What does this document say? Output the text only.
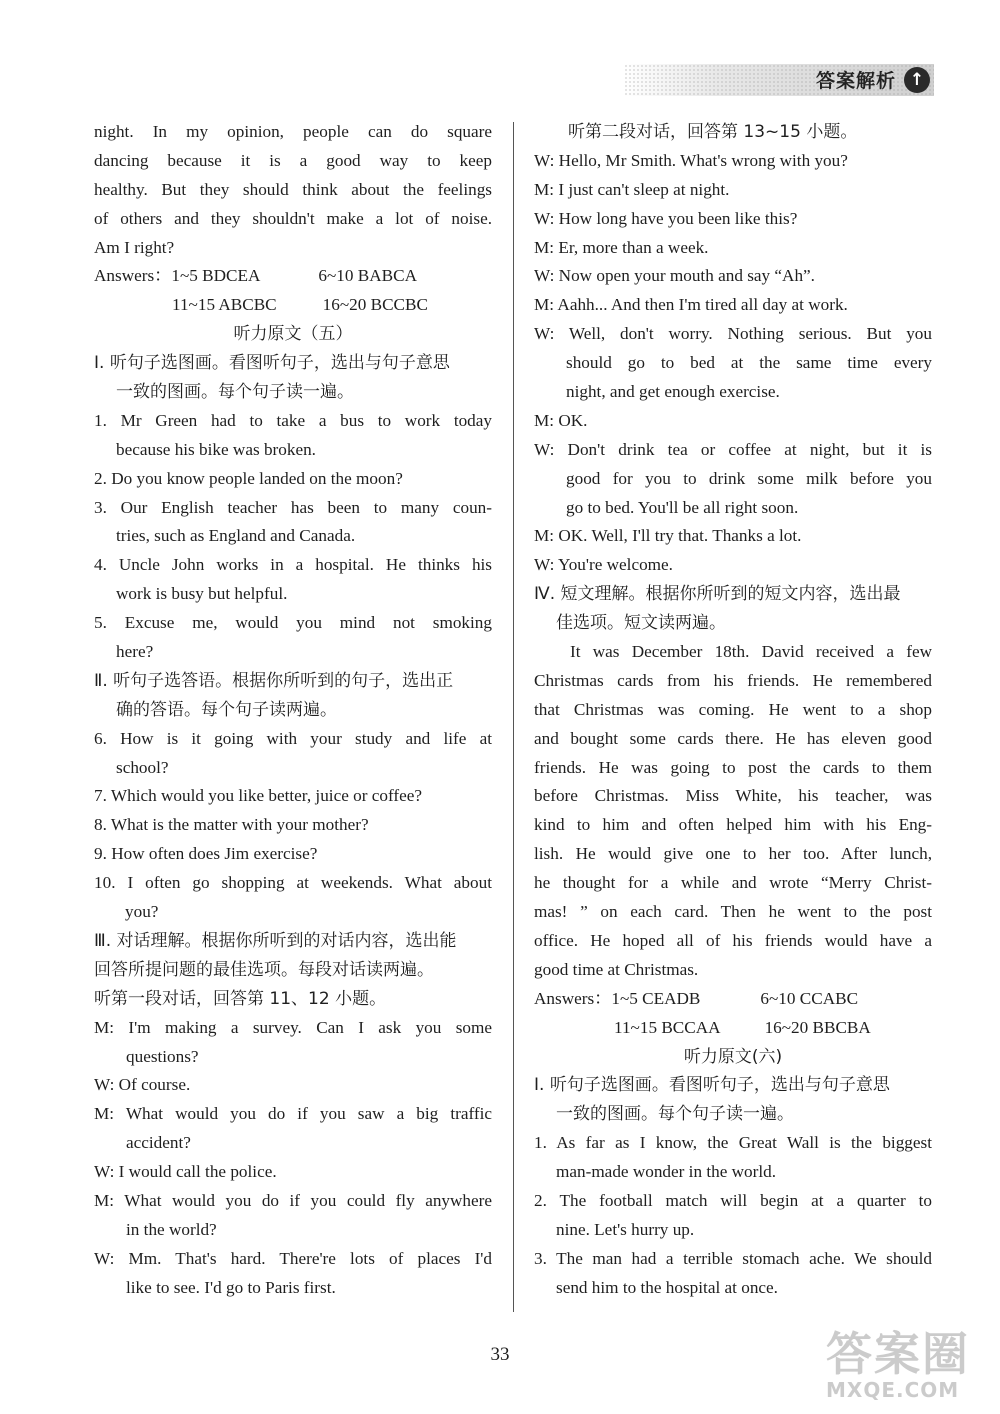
答案解析 ↑
night. In my opinion, people can do square
dancing because it is a good way to keep
healthy. But they should think about the feelings
of others and they shouldn't make a lot of noise.
Am I right?
Answers：1~5 BDCEA	6~10 BABCA
11~15 ABCBC	16~20 BCCBC
听力原文（五）
Ⅰ. 听句子选图画。看图听句子，选出与句子意思
一致的图画。每个句子读一遍。
1. Mr Green had to take a bus to work today
because his bike was broken.
2. Do you know people landed on the moon?
3. Our English teacher has been to many coun-
tries, such as England and Canada.
4. Uncle John works in a hospital. He thinks his
work is busy but helpful.
5. Excuse me, would you mind not smoking
here?
Ⅱ. 听句子选答语。根据你所听到的句子，选出正
确的答语。每个句子读两遍。
6. How is it going with your study and life at
school?
7. Which would you like better, juice or coffee?
8. What is the matter with your mother?
9. How often does Jim exercise?
10. I often go shopping at weekends. What about
you?
Ⅲ. 对话理解。根据你所听到的对话内容，选出能
回答所提问题的最佳选项。每段对话读两遍。
听第一段对话，回答第 11、12 小题。
M: I'm making a survey. Can I ask you some
questions?
W: Of course.
M: What would you do if you saw a big traffic
accident?
W: I would call the police.
M: What would you do if you could fly anywhere
in the world?
W: Mm. That's hard. There're lots of places I'd
like to see. I'd go to Paris first.
听第二段对话，回答第 13~15 小题。
W: Hello, Mr Smith. What's wrong with you?
M: I just can't sleep at night.
W: How long have you been like this?
M: Er, more than a week.
W: Now open your mouth and say “Ah”.
M: Aahh... And then I'm tired all day at work.
W: Well, don't worry. Nothing serious. But you
should go to bed at the same time every
night, and get enough exercise.
M: OK.
W: Don't drink tea or coffee at night, but it is
good for you to drink some milk before you
go to bed. You'll be all right soon.
M: OK. Well, I'll try that. Thanks a lot.
W: You're welcome.
Ⅳ. 短文理解。根据你所听到的短文内容，选出最
佳选项。短文读两遍。
It was December 18th. David received a few
Christmas cards from his friends. He remembered
that Christmas was coming. He went to a shop
and bought some cards there. He has eleven good
friends. He was going to post the cards to them
before Christmas. Miss White, his teacher, was
kind to him and often helped him with his Eng-
lish. He would give one to her too. After lunch,
he thought for a while and wrote “Merry Christ-
mas! ” on each card. Then he went to the post
office. He hoped all of his friends would have a
good time at Christmas.
Answers：1~5 CEADB	6~10 CCABC
11~15 BCCAA	16~20 BBCBA
听力原文(六)
Ⅰ. 听句子选图画。看图听句子，选出与句子意思
一致的图画。每个句子读一遍。
1. As far as I know, the Great Wall is the biggest
man-made wonder in the world.
2. The football match will begin at a quarter to
nine. Let's hurry up.
3. The man had a terrible stomach ache. We should
send him to the hospital at once.
33	答案圈
MXQE.COM
